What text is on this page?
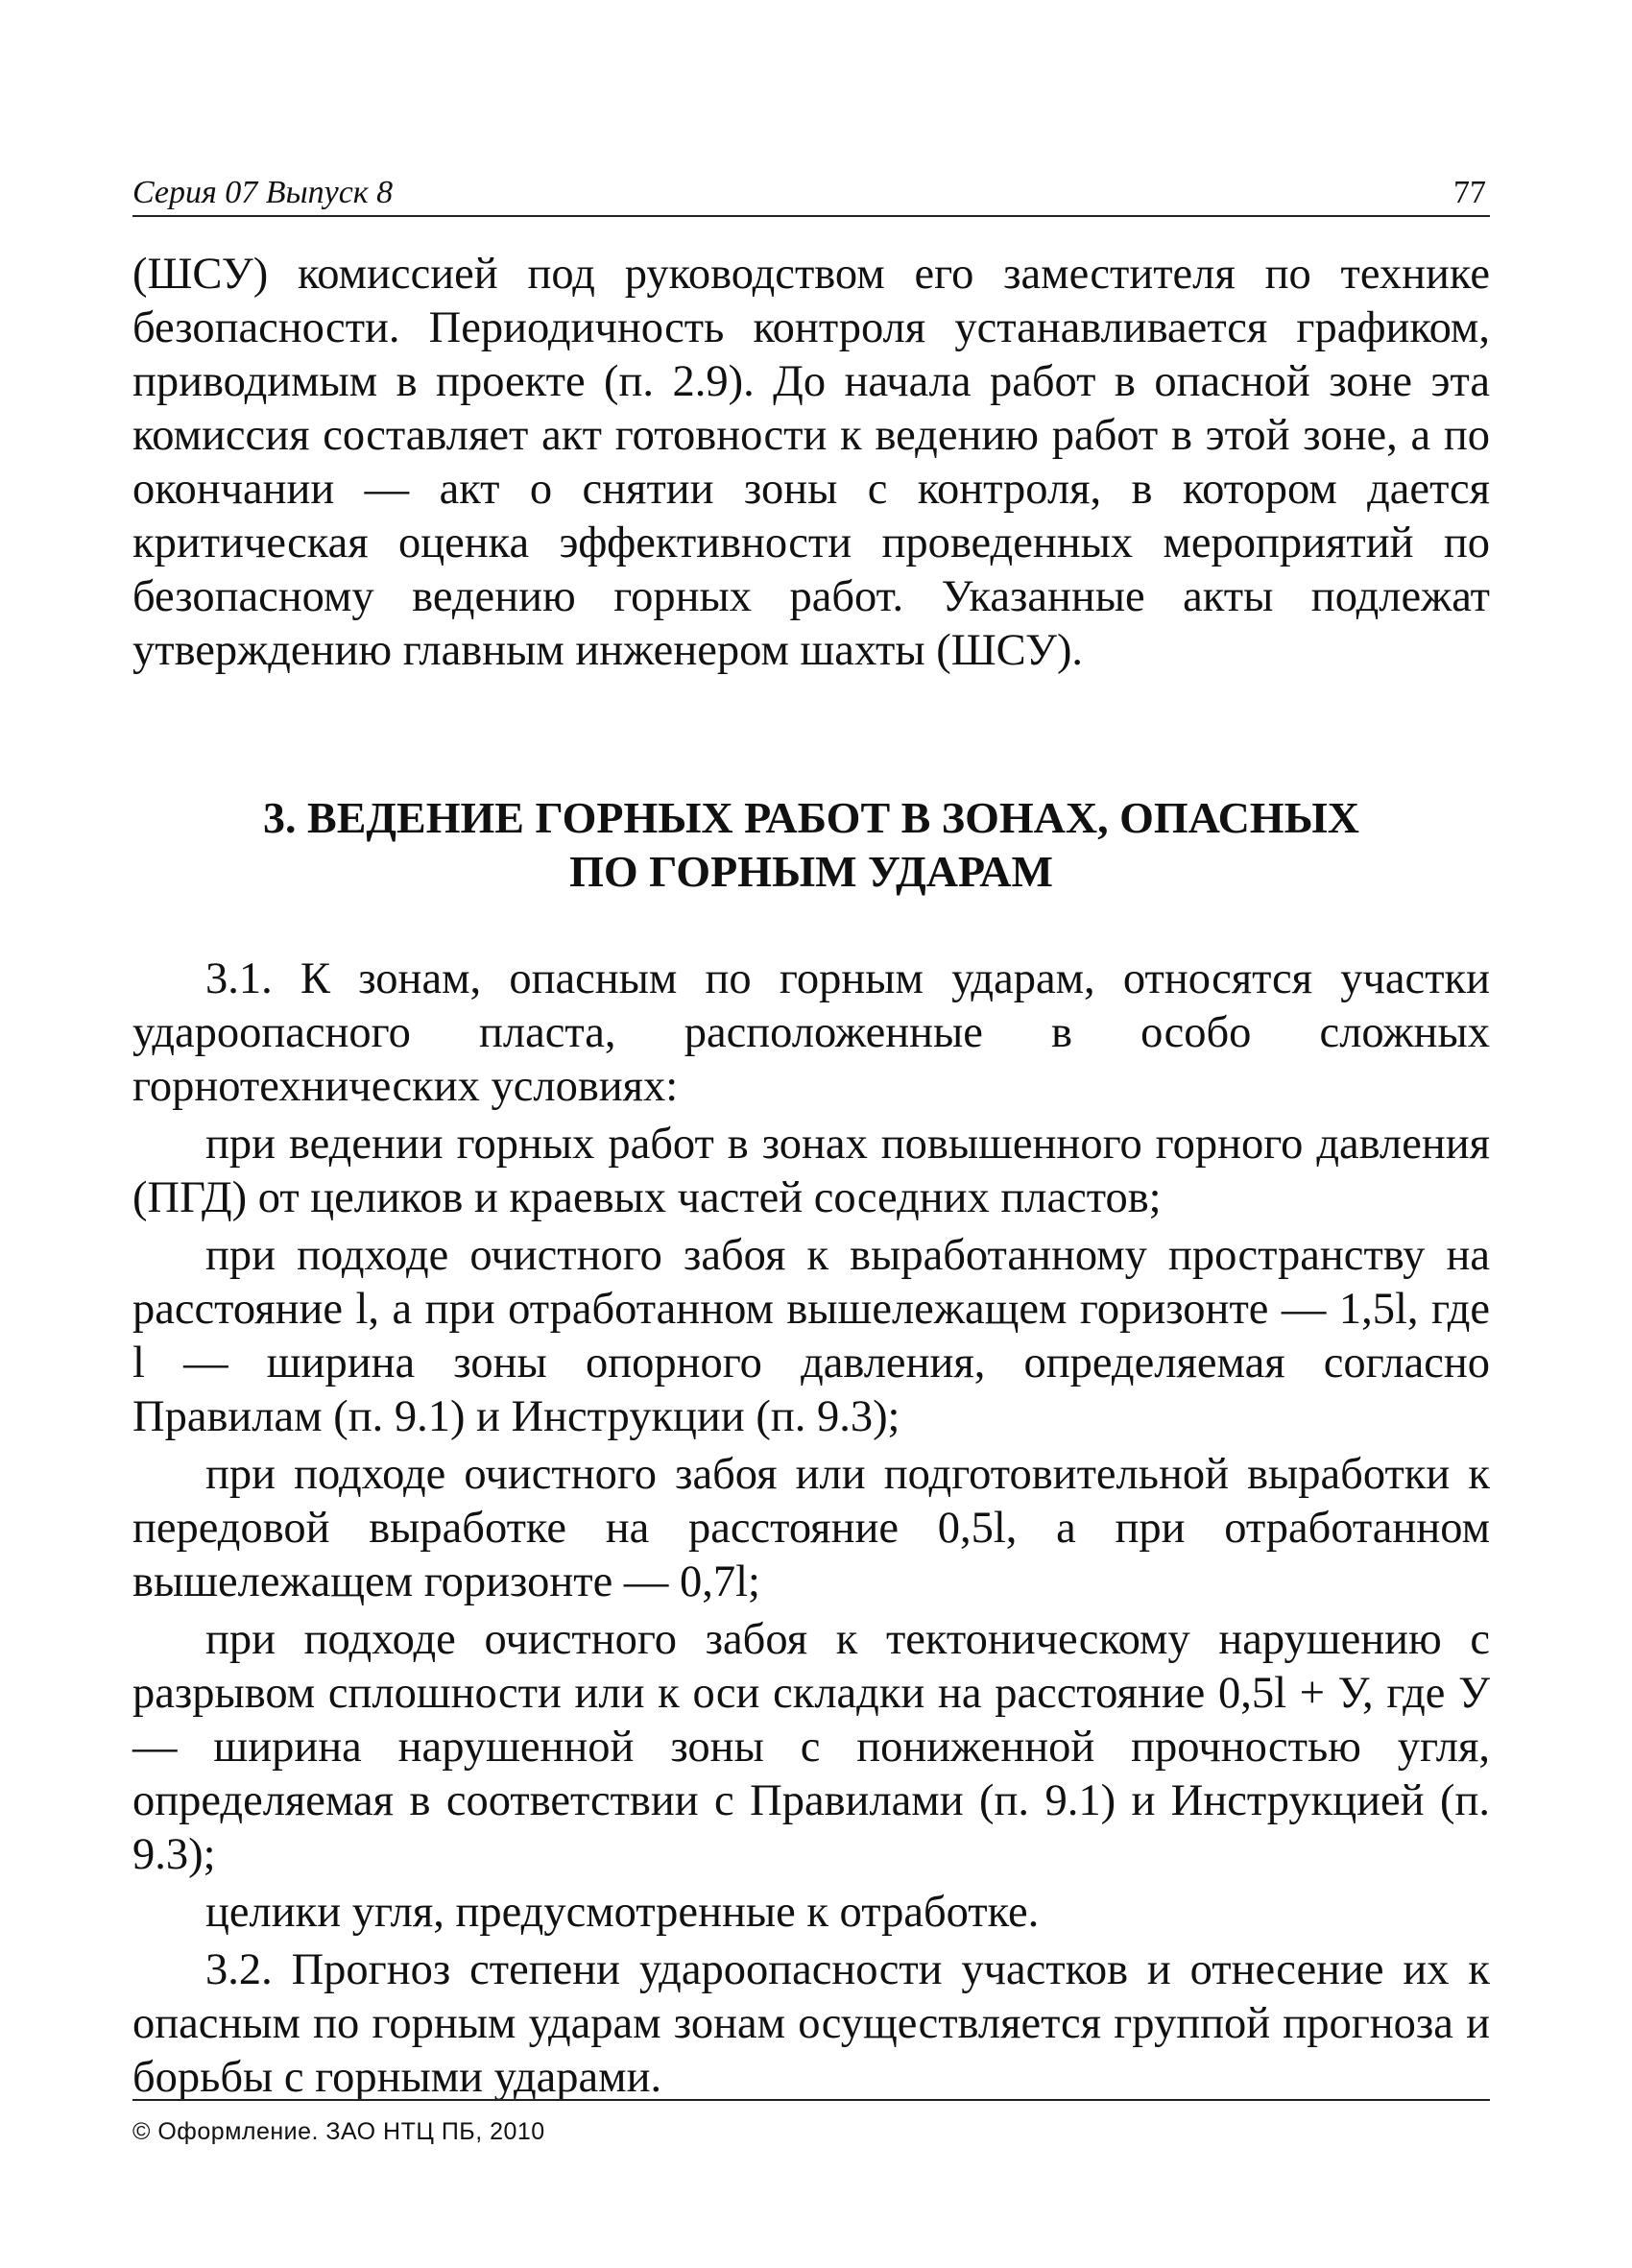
Серия 07 Выпуск 8	77

(ШСУ) комиссией под руководством его заместителя по технике безопасности. Периодичность контроля устанавливается графиком, приводимым в проекте (п. 2.9). До начала работ в опасной зоне эта комиссия составляет акт готовности к ведению работ в этой зоне, а по окончании — акт о снятии зоны с контроля, в котором дается критическая оценка эффективности проведенных мероприятий по безопасному ведению горных работ. Указанные акты подлежат утверждению главным инженером шахты (ШСУ).

3. ВЕДЕНИЕ ГОРНЫХ РАБОТ В ЗОНАХ, ОПАСНЫХ
ПО ГОРНЫМ УДАРАМ

3.1. К зонам, опасным по горным ударам, относятся участки удароопасного пласта, расположенные в особо сложных горнотехнических условиях:

при ведении горных работ в зонах повышенного горного давления (ПГД) от целиков и краевых частей соседних пластов;

при подходе очистного забоя к выработанному пространству на расстояние l, а при отработанном вышележащем горизонте — 1,5l, где l — ширина зоны опорного давления, определяемая согласно Правилам (п. 9.1) и Инструкции (п. 9.3);

при подходе очистного забоя или подготовительной выработки к передовой выработке на расстояние 0,5l, а при отработанном вышележащем горизонте — 0,7l;

при подходе очистного забоя к тектоническому нарушению с разрывом сплошности или к оси складки на расстояние 0,5l + У, где У — ширина нарушенной зоны с пониженной прочностью угля, определяемая в соответствии с Правилами (п. 9.1) и Инструкцией (п. 9.3);

целики угля, предусмотренные к отработке.

3.2. Прогноз степени удароопасности участков и отнесение их к опасным по горным ударам зонам осуществляется группой прогноза и борьбы с горными ударами.

© Оформление. ЗАО НТЦ ПБ, 2010
